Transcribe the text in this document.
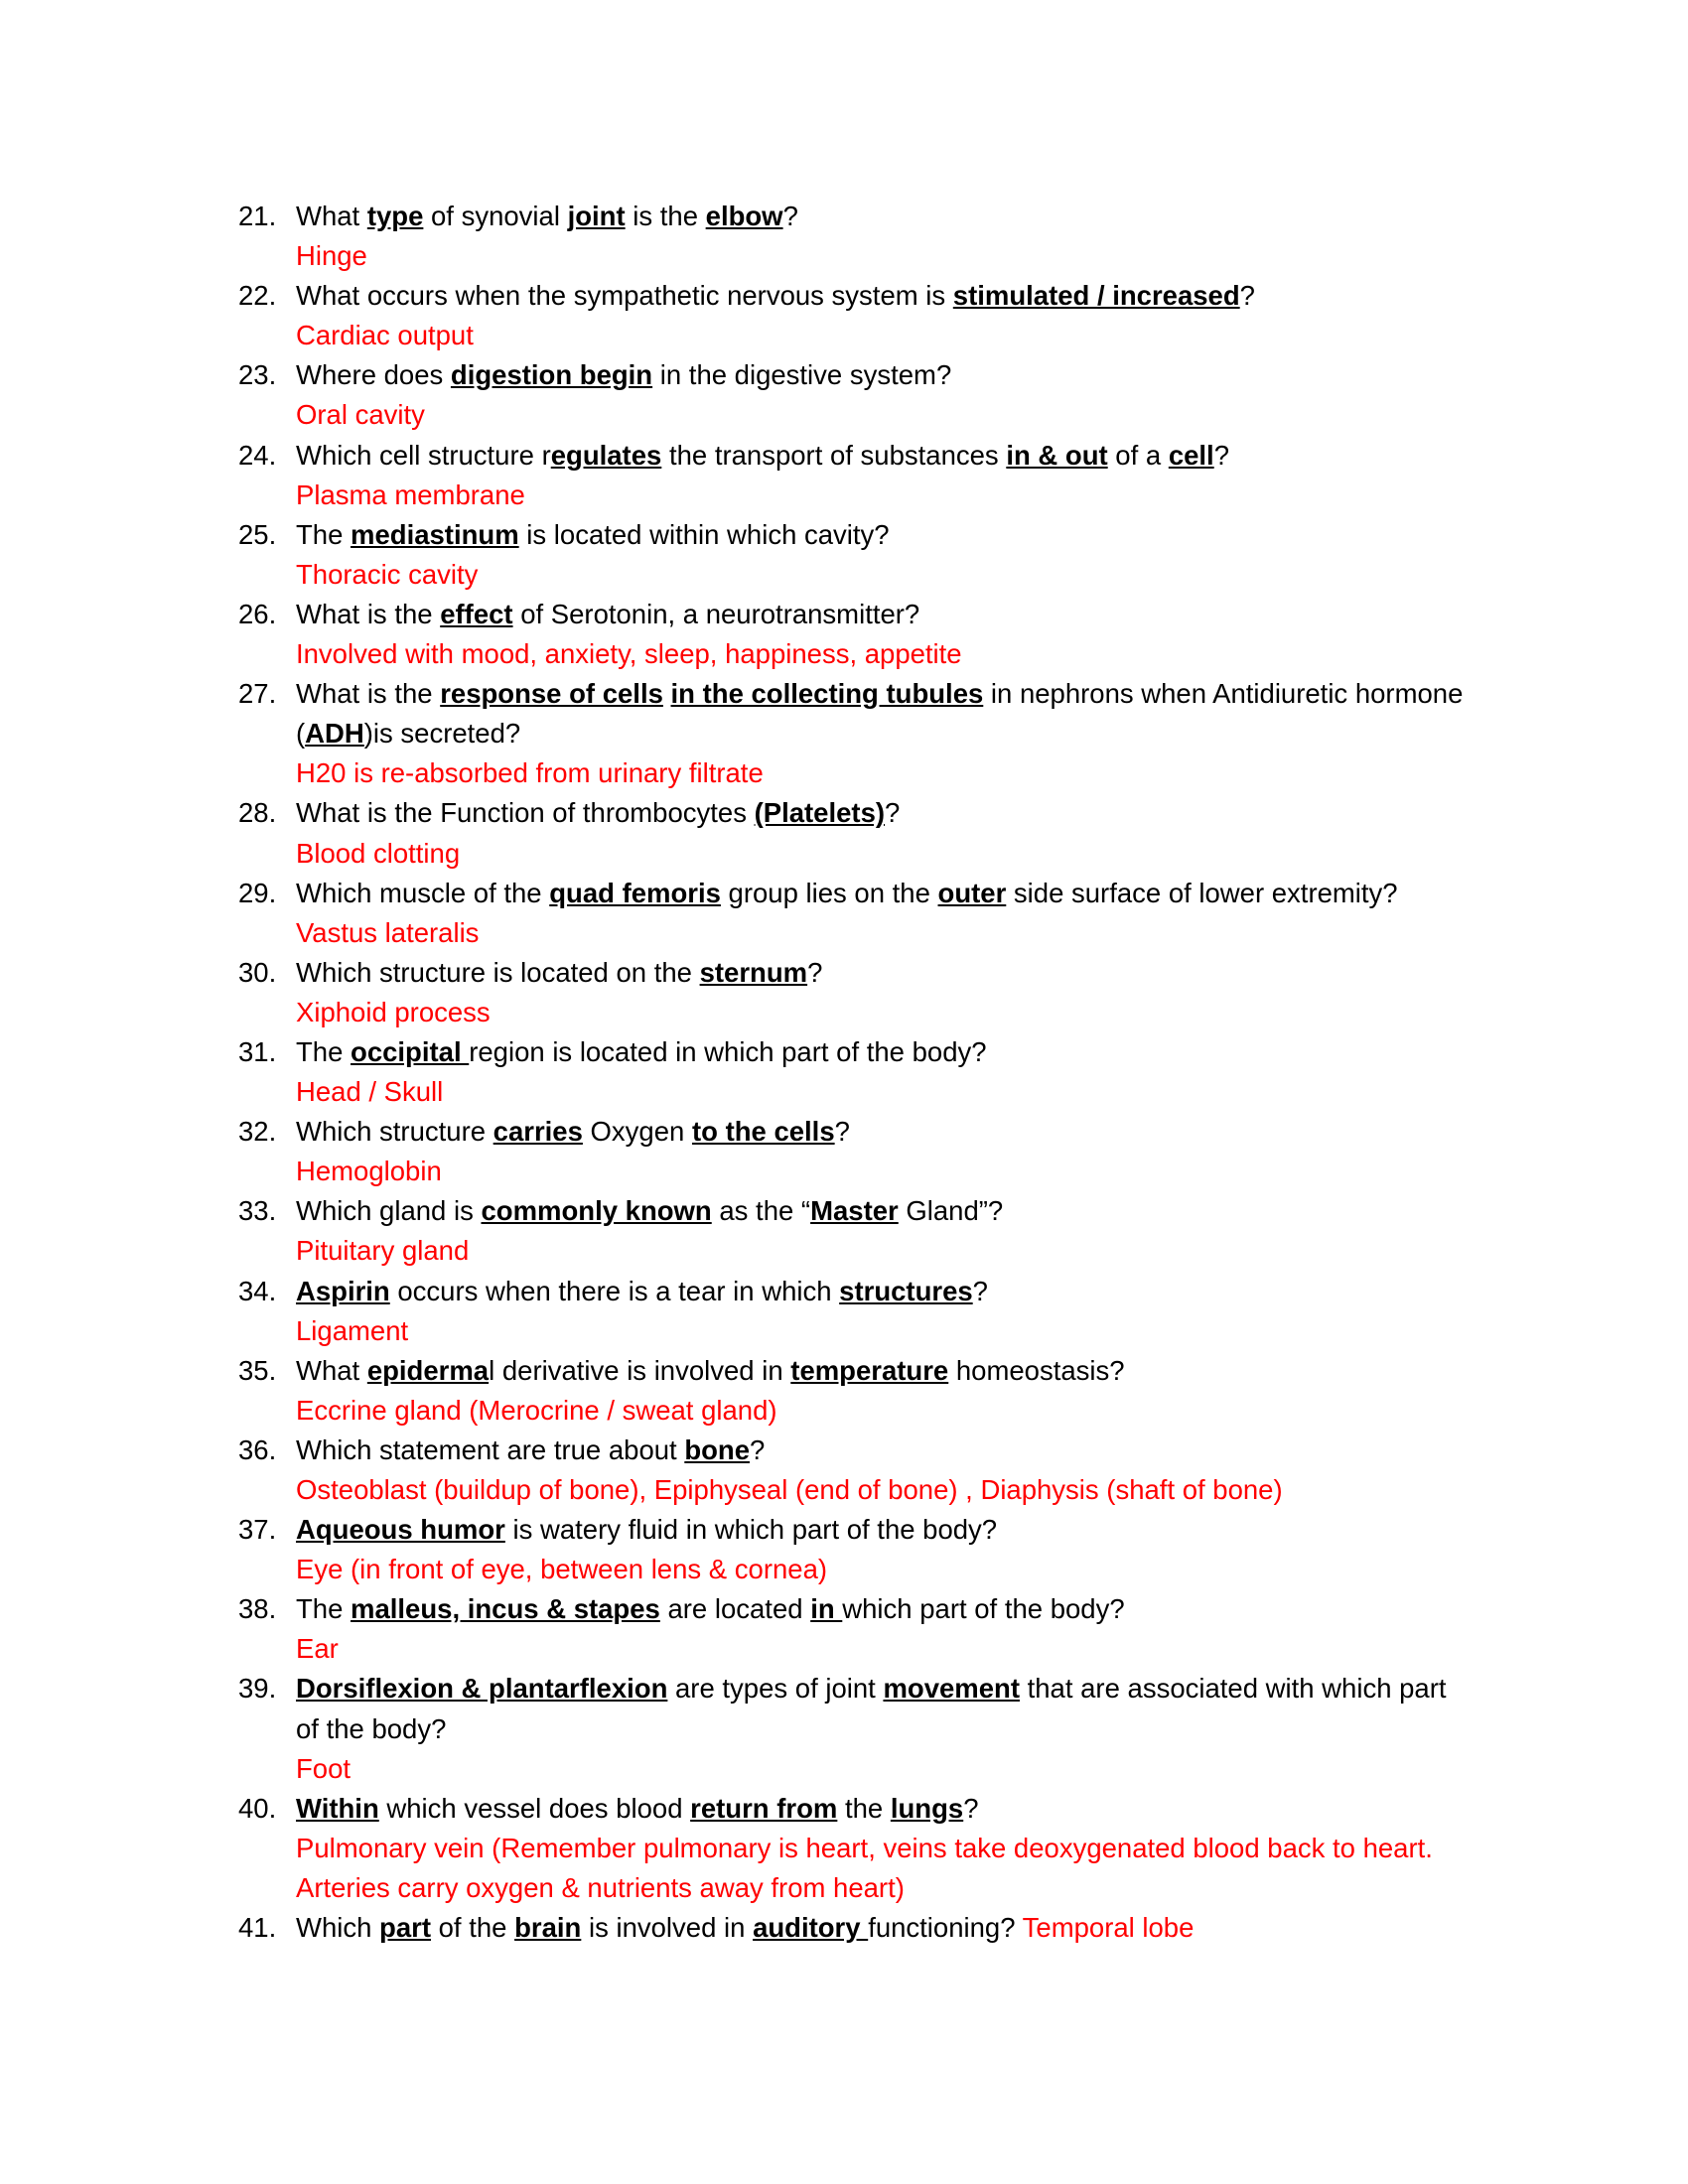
21. What type of synovial joint is the elbow?
Hinge
22. What occurs when the sympathetic nervous system is stimulated / increased?
Cardiac output
23. Where does digestion begin in the digestive system?
Oral cavity
24. Which cell structure regulates the transport of substances in & out of a cell?
Plasma membrane
25. The mediastinum is located within which cavity?
Thoracic cavity
26. What is the effect of Serotonin, a neurotransmitter?
Involved with mood, anxiety, sleep, happiness, appetite
27. What is the response of cells in the collecting tubules in nephrons when Antidiuretic hormone (ADH)is secreted?
H20 is re-absorbed from urinary filtrate
28. What is the Function of thrombocytes (Platelets)?
Blood clotting
29. Which muscle of the quad femoris group lies on the outer side surface of lower extremity?
Vastus lateralis
30. Which structure is located on the sternum?
Xiphoid process
31. The occipital region is located in which part of the body?
Head / Skull
32. Which structure carries Oxygen to the cells?
Hemoglobin
33. Which gland is commonly known as the “Master Gland”?
Pituitary gland
34. Aspirin occurs when there is a tear in which structures?
Ligament
35. What epidermal derivative is involved in temperature homeostasis?
Eccrine gland (Merocrine / sweat gland)
36. Which statement are true about bone?
Osteoblast (buildup of bone), Epiphyseal (end of bone) , Diaphysis (shaft of bone)
37. Aqueous humor is watery fluid in which part of the body?
Eye (in front of eye, between lens & cornea)
38. The malleus, incus & stapes are located in which part of the body?
Ear
39. Dorsiflexion & plantarflexion are types of joint movement that are associated with which part of the body?
Foot
40. Within which vessel does blood return from the lungs?
Pulmonary vein (Remember pulmonary is heart, veins take deoxygenated blood back to heart. Arteries carry oxygen & nutrients away from heart)
41. Which part of the brain is involved in auditory functioning? Temporal lobe
